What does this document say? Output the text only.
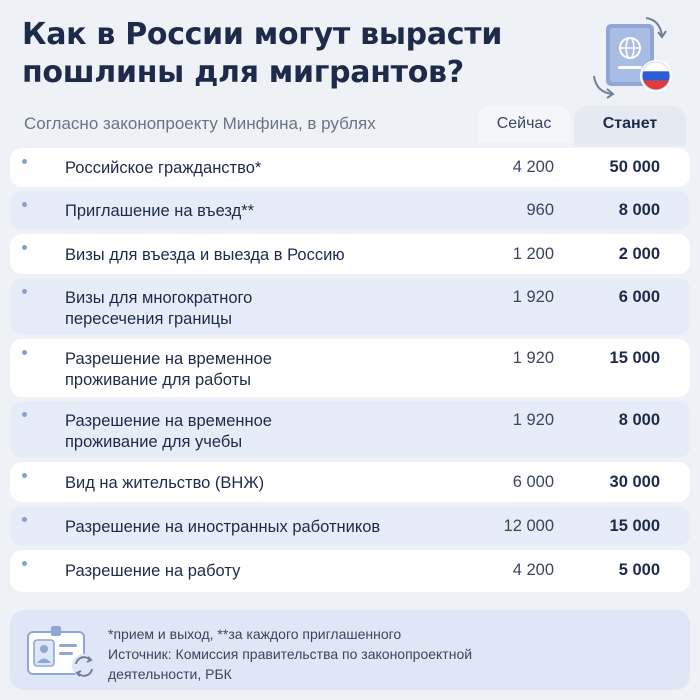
Как в России могут вырасти
пошлины для мигрантов?
Согласно законопроекту Минфина, в рублях	Сейчас	Станет
Российское гражданство*	4 200	50 000
Приглашение на въезд**	960	8 000
Визы для въезда и выезда в Россию	1 200	2 000
Визы для многократного
пересечения границы
1 920	6 000
Разрешение на временное
проживание для работы
1 920	15 000
Разрешение на временное
проживание для учебы
1 920	8 000
Вид на жительство (ВНЖ)	6 000	30 000
Разрешение на иностранных работников	12 000	15 000
Разрешение на работу	4 200	5 000
*прием и выход, **за каждого приглашенного
Источник: Комиссия правительства по законопроектной
деятельности, РБК
